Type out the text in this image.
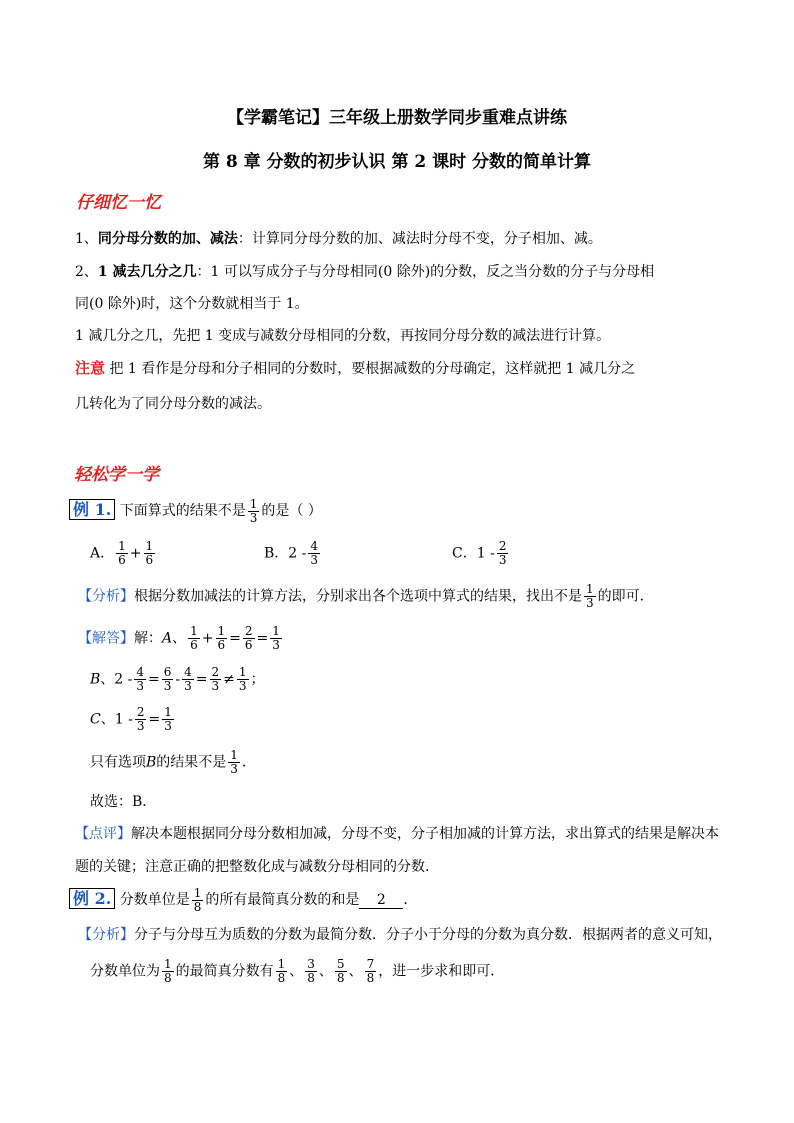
【学霸笔记】三年级上册数学同步重难点讲练
第 8 章 分数的初步认识 第 2 课时 分数的简单计算
仔细忆一忆
1、同分母分数的加、减法：计算同分母分数的加、减法时分母不变，分子相加、减。
2、1 减去几分之几：1 可以写成分子与分母相同(0 除外)的分数，反之当分数的分子与分母相
同(0 除外)时，这个分数就相当于 1。
1 减几分之几，先把 1 变成与减数分母相同的分数，再按同分母分数的减法进行计算。
注意 把 1 看作是分母和分子相同的分数时，要根据减数的分母确定，这样就把 1 减几分之
几转化为了同分母分数的减法。
轻松学一学
例 1. 下面算式的结果不是 $\frac{1}{3}$ 的是（ ）
A． $\frac{1}{6} + \frac{1}{6}$	B．$2 - \frac{4}{3}$	C．$1 - \frac{2}{3}$
【分析】根据分数加减法的计算方法，分别求出各个选项中算式的结果，找出不是 $\frac{1}{3}$ 的即可．
【解答】解：A、 $\frac{1}{6} + \frac{1}{6} = \frac{2}{6} = \frac{1}{3}$
B、$2 - \frac{4}{3} = \frac{6}{3} - \frac{4}{3} = \frac{2}{3} \ne \frac{1}{3}$ ；
C、$1 - \frac{2}{3} = \frac{1}{3}$
只有选项B的结果不是 $\frac{1}{3}$ ．
故选：B．
【点评】解决本题根据同分母分数相加减，分母不变，分子相加减的计算方法，求出算式的结果是解决本
题的关键；注意正确的把整数化成与减数分母相同的分数．
例 2. 分数单位是 $\frac{1}{8}$ 的所有最简真分数的和是 2 ．
【分析】分子与分母互为质数的分数为最简分数．分子小于分母的分数为真分数．根据两者的意义可知，
分数单位为 $\frac{1}{8}$ 的最简真分数有 $\frac{1}{8}$ 、 $\frac{3}{8}$ 、 $\frac{5}{8}$ 、 $\frac{7}{8}$ ，进一步求和即可．
